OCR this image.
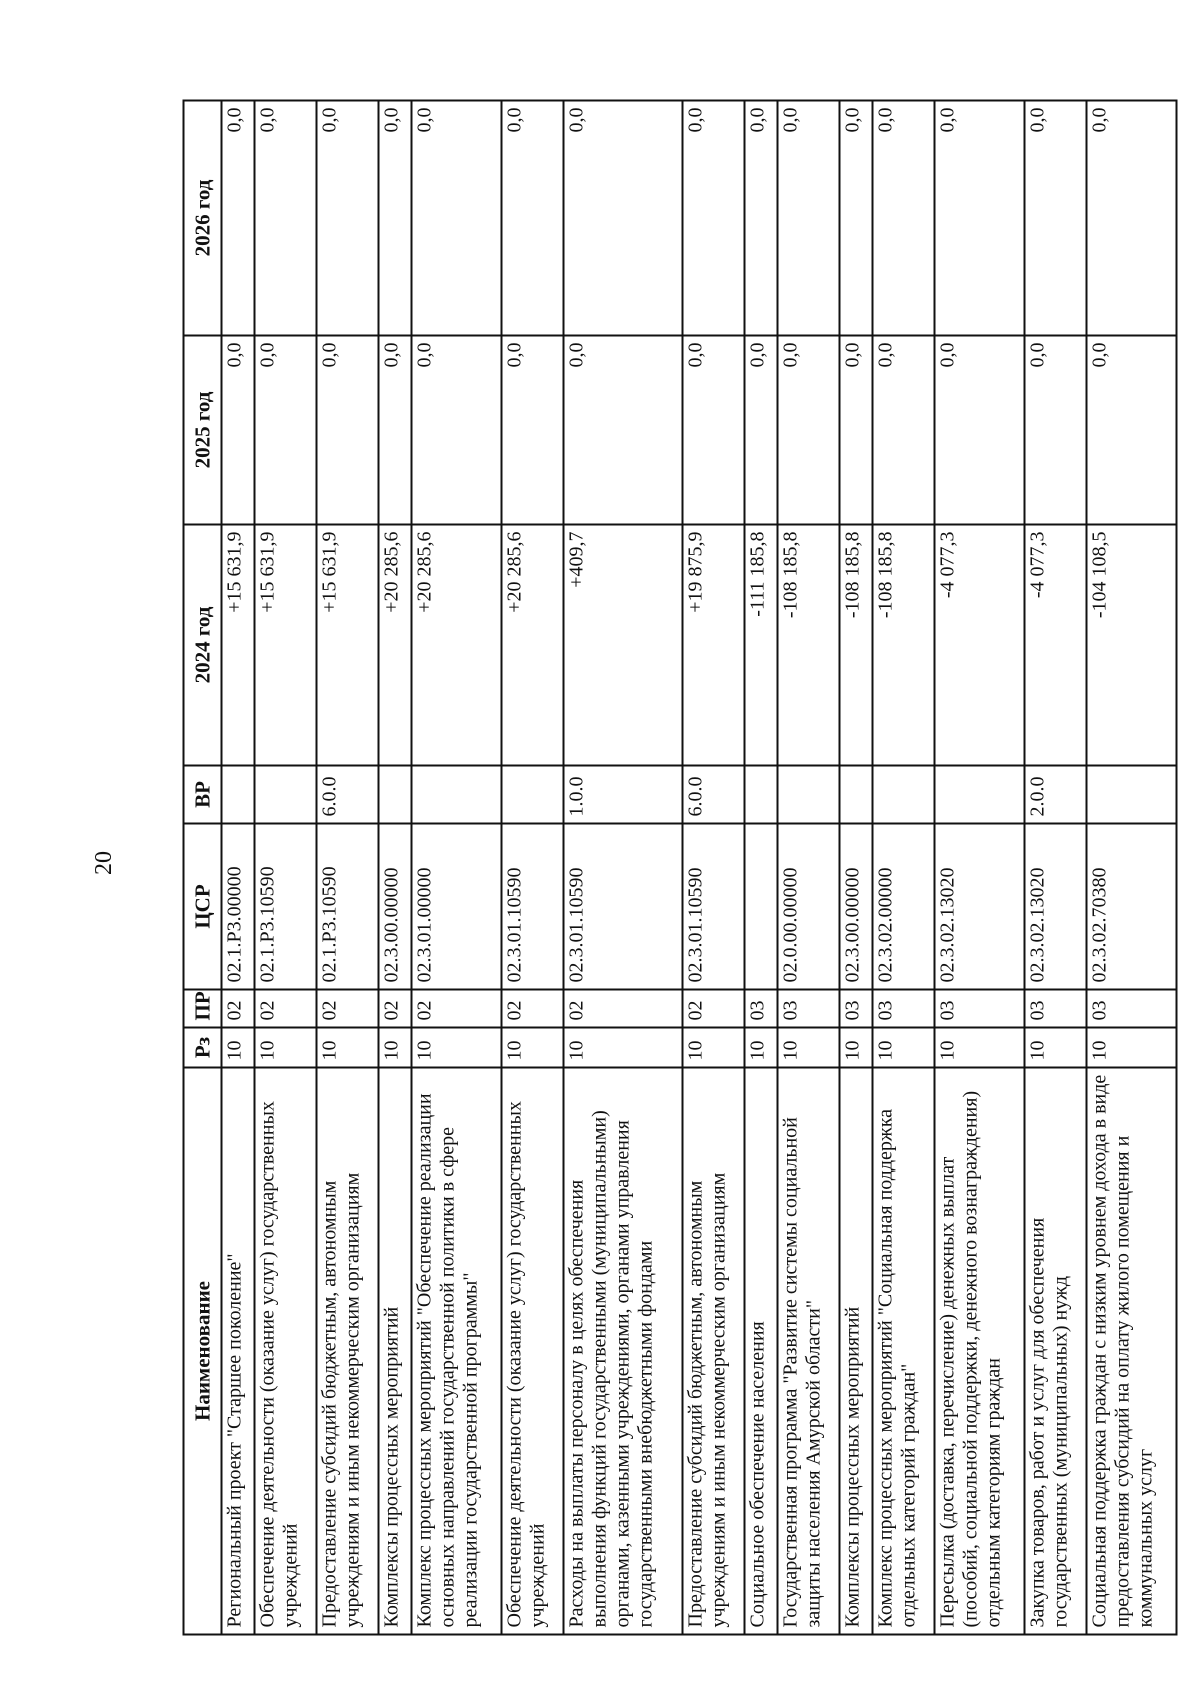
20
Наименование	Рз	ПР	ЦСР	ВР	2024 год	2025 год	2026 год
Региональный проект "Старшее поколение"	10	02	02.1.Р3.00000		+15 631,9	0,0	0,0
Обеспечение деятельности (оказание услуг) государственных учреждений	10	02	02.1.Р3.10590		+15 631,9	0,0	0,0
Предоставление субсидий бюджетным, автономным учреждениям и иным некоммерческим организациям	10	02	02.1.Р3.10590	6.0.0	+15 631,9	0,0	0,0
Комплексы процессных мероприятий	10	02	02.3.00.00000		+20 285,6	0,0	0,0
Комплекс процессных мероприятий "Обеспечение реализации основных направлений государственной политики в сфере реализации государственной программы"	10	02	02.3.01.00000		+20 285,6	0,0	0,0
Обеспечение деятельности (оказание услуг) государственных учреждений	10	02	02.3.01.10590		+20 285,6	0,0	0,0
Расходы на выплаты персоналу в целях обеспечения выполнения функций государственными (муниципальными) органами, казенными учреждениями, органами управления государственными внебюджетными фондами	10	02	02.3.01.10590	1.0.0	+409,7	0,0	0,0
Предоставление субсидий бюджетным, автономным учреждениям и иным некоммерческим организациям	10	02	02.3.01.10590	6.0.0	+19 875,9	0,0	0,0
Социальное обеспечение населения	10	03			-111 185,8	0,0	0,0
Государственная программа "Развитие системы социальной защиты населения Амурской области"	10	03	02.0.00.00000		-108 185,8	0,0	0,0
Комплексы процессных мероприятий	10	03	02.3.00.00000		-108 185,8	0,0	0,0
Комплекс процессных мероприятий "Социальная поддержка отдельных категорий граждан"	10	03	02.3.02.00000		-108 185,8	0,0	0,0
Пересылка (доставка, перечисление) денежных выплат (пособий, социальной поддержки, денежного вознаграждения) отдельным категориям граждан	10	03	02.3.02.13020		-4 077,3	0,0	0,0
Закупка товаров, работ и услуг для обеспечения государственных (муниципальных) нужд	10	03	02.3.02.13020	2.0.0	-4 077,3	0,0	0,0
Социальная поддержка граждан с низким уровнем дохода в виде предоставления субсидий на оплату жилого помещения и коммунальных услуг	10	03	02.3.02.70380		-104 108,5	0,0	0,0
